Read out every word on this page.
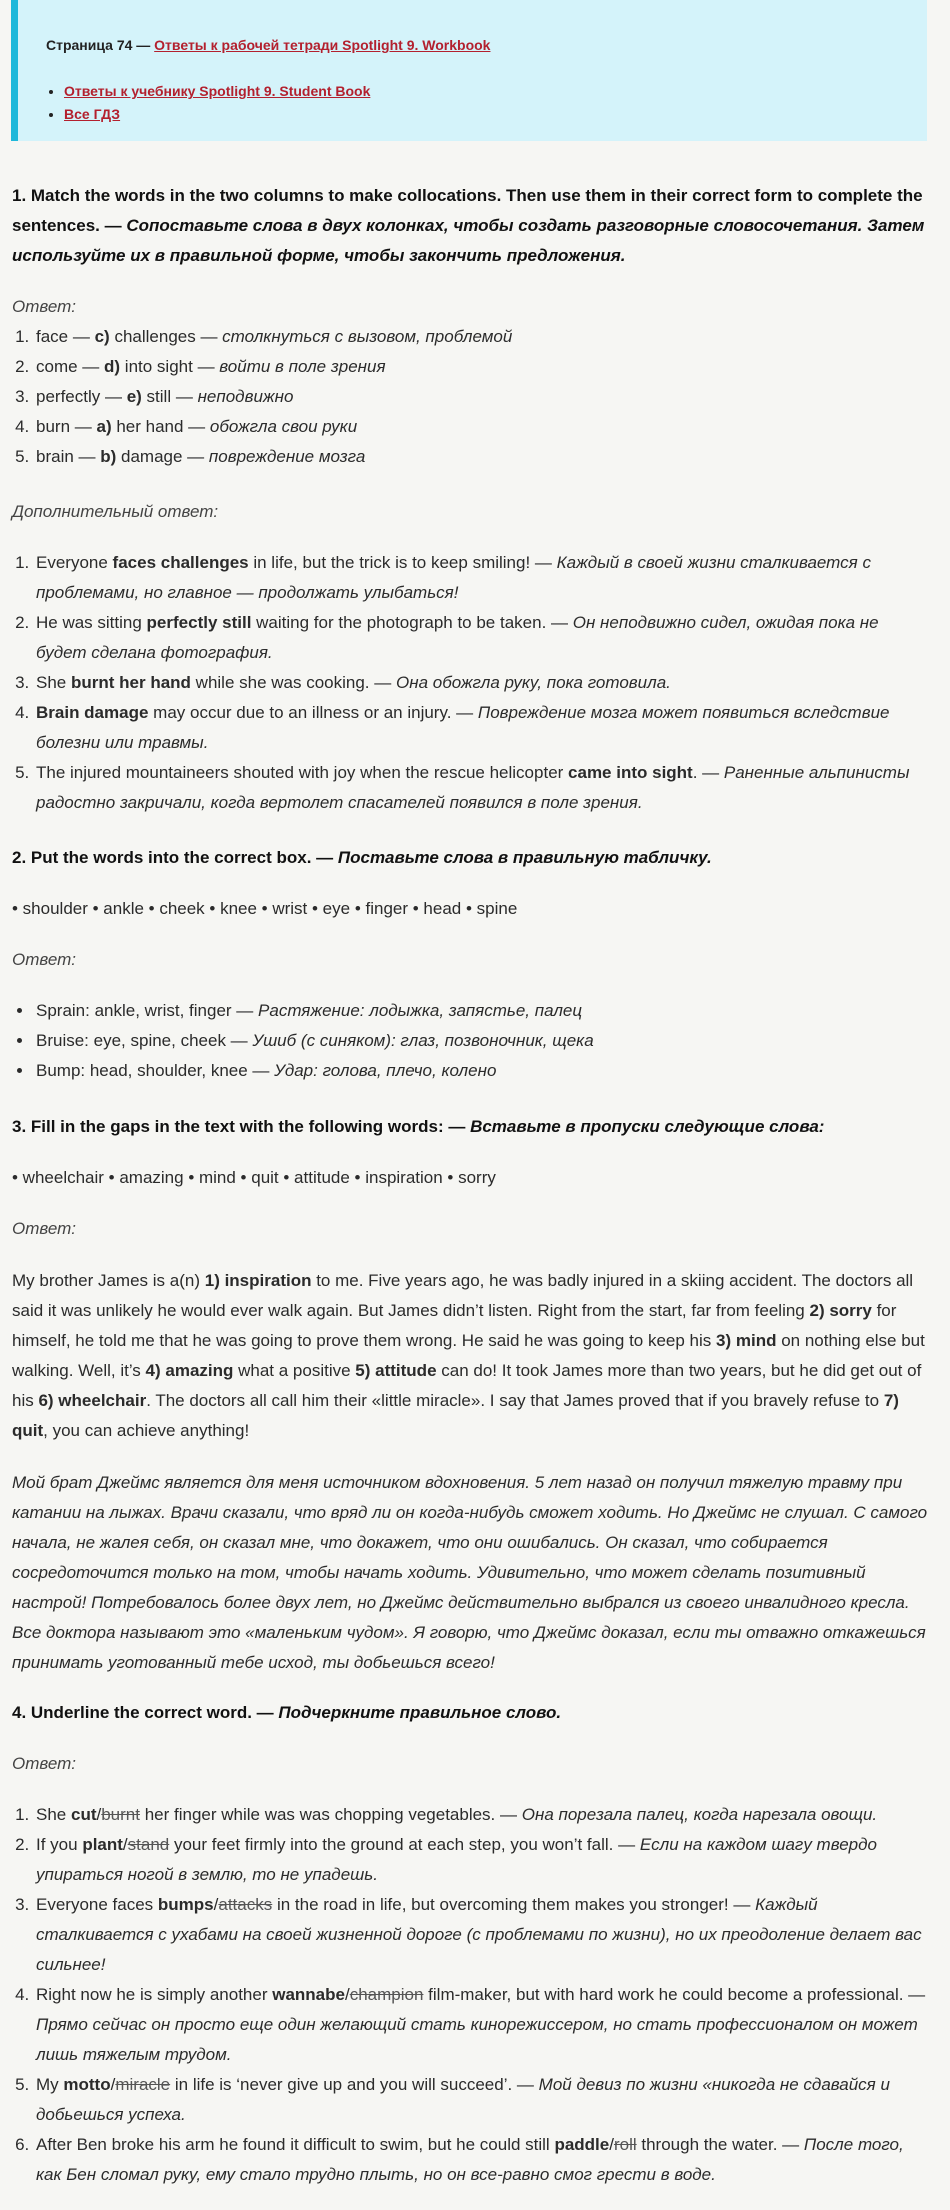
Страница 74 — Ответы к рабочей тетради Spotlight 9. Workbook
• Ответы к учебнику Spotlight 9. Student Book
• Все ГДЗ

1. Match the words in the two columns to make collocations. Then use them in their correct form to complete the sentences. — Сопоставьте слова в двух колонках, чтобы создать разговорные словосочетания. Затем используйте их в правильной форме, чтобы закончить предложения.

Ответ:

1. face — c) challenges — столкнуться с вызовом, проблемой
2. come — d) into sight — войти в поле зрения
3. perfectly — e) still — неподвижно
4. burn — a) her hand — обожгла свои руки
5. brain — b) damage — повреждение мозга

Дополнительный ответ:

1. Everyone faces challenges in life, but the trick is to keep smiling! — Каждый в своей жизни сталкивается с проблемами, но главное — продолжать улыбаться!
2. He was sitting perfectly still waiting for the photograph to be taken. — Он неподвижно сидел, ожидая пока не будет сделана фотография.
3. She burnt her hand while she was cooking. — Она обожгла руку, пока готовила.
4. Brain damage may occur due to an illness or an injury. — Повреждение мозга может появиться вследствие болезни или травмы.
5. The injured mountaineers shouted with joy when the rescue helicopter came into sight. — Раненные альпинисты радостно закричали, когда вертолет спасателей появился в поле зрения.

2. Put the words into the correct box. — Поставьте слова в правильную табличку.

• shoulder • ankle • cheek • knee • wrist • eye • finger • head • spine

Ответ:

• Sprain: ankle, wrist, finger — Растяжение: лодыжка, запястье, палец
• Bruise: eye, spine, cheek — Ушиб (с синяком): глаз, позвоночник, щека
• Bump: head, shoulder, knee — Удар: голова, плечо, колено

3. Fill in the gaps in the text with the following words: — Вставьте в пропуски следующие слова:

• wheelchair • amazing • mind • quit • attitude • inspiration • sorry

Ответ:

My brother James is a(n) 1) inspiration to me. Five years ago, he was badly injured in a skiing accident. The doctors all said it was unlikely he would ever walk again. But James didn’t listen. Right from the start, far from feeling 2) sorry for himself, he told me that he was going to prove them wrong. He said he was going to keep his 3) mind on nothing else but walking. Well, it’s 4) amazing what a positive 5) attitude can do! It took James more than two years, but he did get out of his 6) wheelchair. The doctors all call him their «little miracle». I say that James proved that if you bravely refuse to 7) quit, you can achieve anything!

Мой брат Джеймс является для меня источником вдохновения. 5 лет назад он получил тяжелую травму при катании на лыжах. Врачи сказали, что вряд ли он когда-нибудь сможет ходить. Но Джеймс не слушал. С самого начала, не жалея себя, он сказал мне, что докажет, что они ошибались. Он сказал, что собирается сосредоточится только на том, чтобы начать ходить. Удивительно, что может сделать позитивный настрой! Потребовалось более двух лет, но Джеймс действительно выбрался из своего инвалидного кресла. Все доктора называют это «маленьким чудом». Я говорю, что Джеймс доказал, если ты отважно откажешься принимать уготованный тебе исход, ты добьешься всего!

4. Underline the correct word. — Подчеркните правильное слово.

Ответ:

1. She cut/burnt her finger while was was chopping vegetables. — Она порезала палец, когда нарезала овощи.
2. If you plant/stand your feet firmly into the ground at each step, you won’t fall. — Если на каждом шагу твердо упираться ногой в землю, то не упадешь.
3. Everyone faces bumps/attacks in the road in life, but overcoming them makes you stronger! — Каждый сталкивается с ухабами на своей жизненной дороге (с проблемами по жизни), но их преодоление делает вас сильнее!
4. Right now he is simply another wannabe/champion film-maker, but with hard work he could become a professional. — Прямо сейчас он просто еще один желающий стать кинорежиссером, но стать профессионалом он может лишь тяжелым трудом.
5. My motto/miracle in life is ‘never give up and you will succeed’. — Мой девиз по жизни «никогда не сдавайся и добьешься успеха.
6. After Ben broke his arm he found it difficult to swim, but he could still paddle/roll through the water. — После того, как Бен сломал руку, ему стало трудно плыть, но он все-равно смог грести в воде.
